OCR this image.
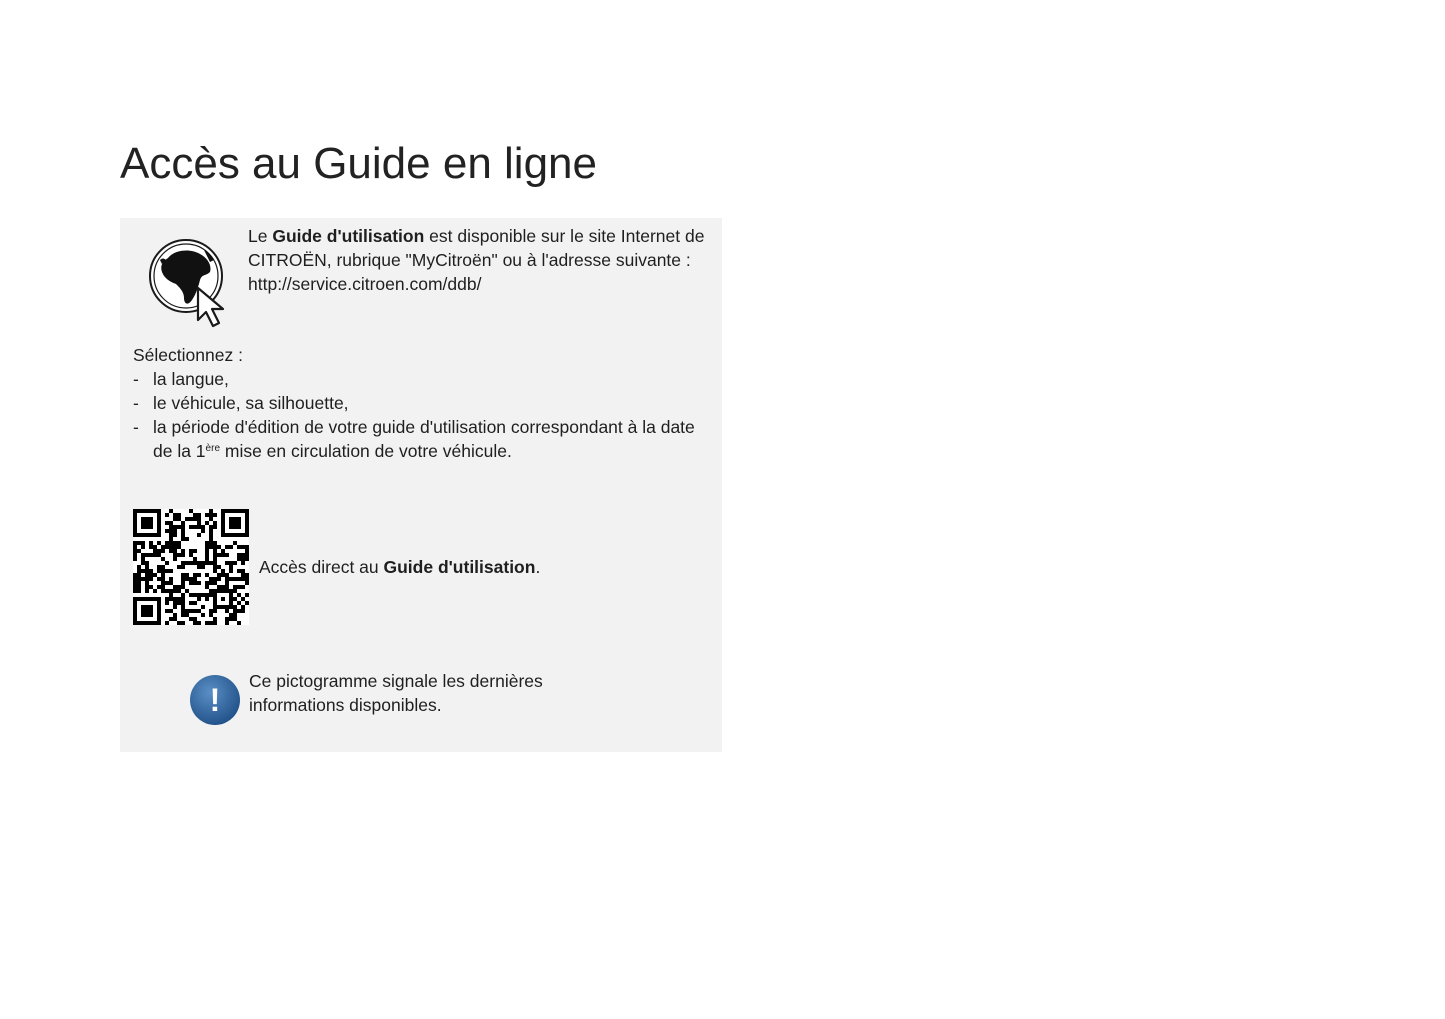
Accès au Guide en ligne

Le Guide d'utilisation est disponible sur le site Internet de CITROËN, rubrique "MyCitroën" ou à l'adresse suivante :

http://service.citroen.com/ddb/

Sélectionnez :

- la langue,
- le véhicule, sa silhouette,
- la période d'édition de votre guide d'utilisation correspondant à la date de la 1ère mise en circulation de votre véhicule.
Accès direct au Guide d'utilisation.
!

Ce pictogramme signale les dernières

informations disponibles.
